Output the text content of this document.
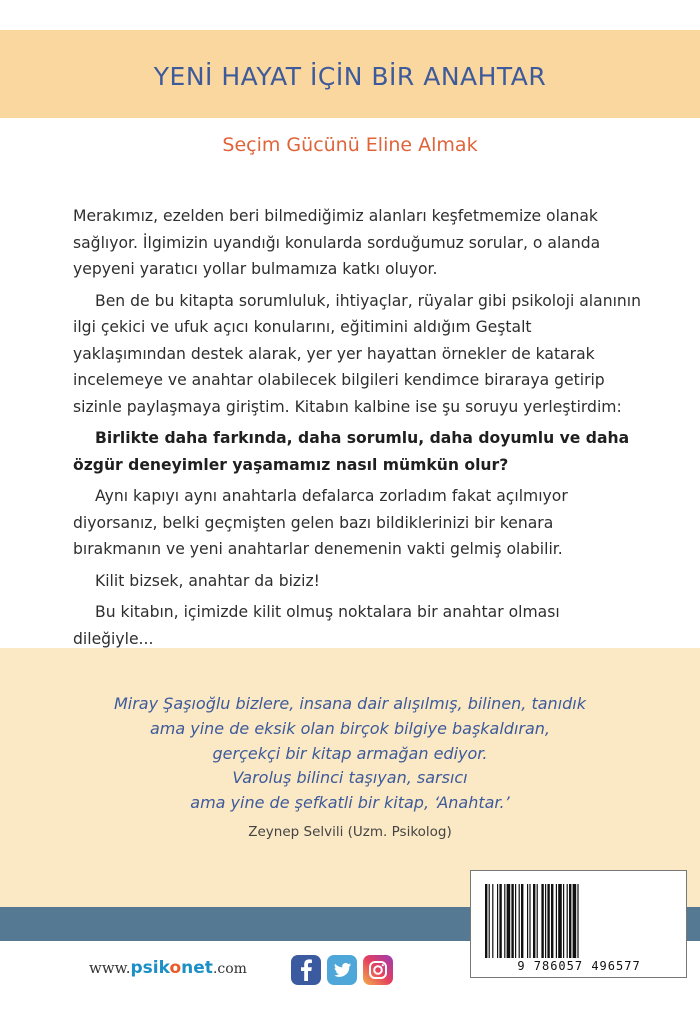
YENİ HAYAT İÇİN BİR ANAHTAR
Seçim Gücünü Eline Almak

Merakımız, ezelden beri bilmediğimiz alanları keşfetmemize olanak sağlıyor. İlgimizin uyandığı konularda sorduğumuz sorular, o alanda yepyeni yaratıcı yollar bulmamıza katkı oluyor.

Ben de bu kitapta sorumluluk, ihtiyaçlar, rüyalar gibi psikoloji alanının ilgi çekici ve ufuk açıcı konularını, eğitimini aldığım Geştalt yaklaşımından destek alarak, yer yer hayattan örnekler de katarak incelemeye ve anahtar olabilecek bilgileri kendimce biraraya getirip sizinle paylaşmaya giriştim. Kitabın kalbine ise şu soruyu yerleştirdim:

Birlikte daha farkında, daha sorumlu, daha doyumlu ve daha özgür deneyimler yaşamamız nasıl mümkün olur?

Aynı kapıyı aynı anahtarla defalarca zorladım fakat açılmıyor diyorsanız, belki geçmişten gelen bazı bildiklerinizi bir kenara bırakmanın ve yeni anahtarlar denemenin vakti gelmiş olabilir.

Kilit bizsek, anahtar da biziz!

Bu kitabın, içimizde kilit olmuş noktalara bir anahtar olması dileğiyle...

Miray Şaşıoğlu bizlere, insana dair alışılmış, bilinen, tanıdık
ama yine de eksik olan birçok bilgiye başkaldıran,
gerçekçi bir kitap armağan ediyor.
Varoluş bilinci taşıyan, sarsıcı
ama yine de şefkatli bir kitap, ‘Anahtar.’
Zeynep Selvili (Uzm. Psikolog)
9 786057 496577
www.psikonet.com
